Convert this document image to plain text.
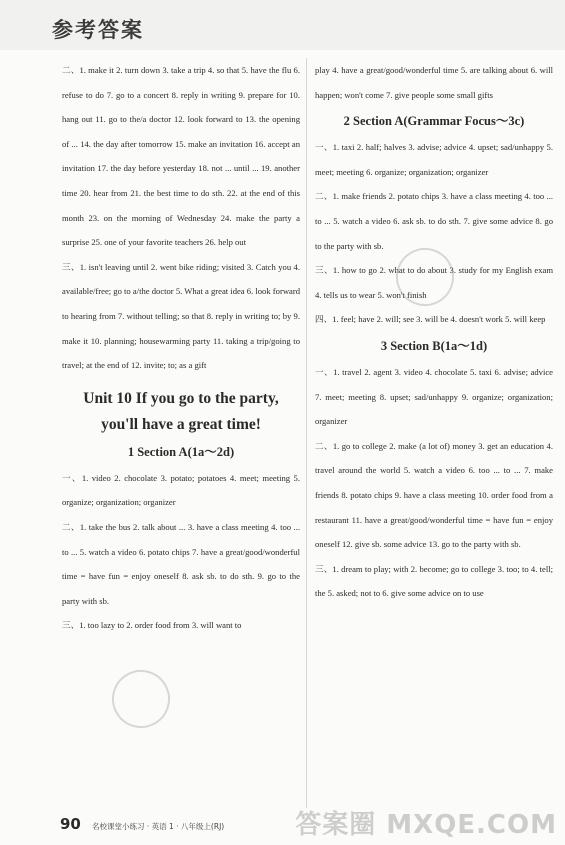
参考答案

二、1. make it 2. turn down 3. take a trip 4. so that 5. have the flu 6. refuse to do 7. go to a concert 8. reply in writing 9. prepare for 10. hang out 11. go to the/a doctor 12. look forward to 13. the opening of ... 14. the day after tomorrow 15. make an invitation 16. accept an invitation 17. the day before yesterday 18. not ... until ... 19. another time 20. hear from 21. the best time to do sth. 22. at the end of this month 23. on the morning of Wednesday 24. make the party a surprise 25. one of your favorite teachers 26. help out

三、1. isn't leaving until 2. went bike riding; visited 3. Catch you 4. available/free; go to a/the doctor 5. What a great idea 6. look forward to hearing from 7. without telling; so that 8. reply in writing to; by 9. make it 10. planning; housewarming party 11. taking a trip/going to travel; at the end of 12. invite; to; as a gift

Unit 10 If you go to the party,
you'll have a great time!
1 Section A(1a～2d)

一、1. video 2. chocolate 3. potato; potatoes 4. meet; meeting 5. organize; organization; organizer

二、1. take the bus 2. talk about ... 3. have a class meeting 4. too ... to ... 5. watch a video 6. potato chips 7. have a great/good/wonderful time = have fun = enjoy oneself 8. ask sb. to do sth. 9. go to the party with sb.

三、1. too lazy to 2. order food from 3. will want to

play 4. have a great/good/wonderful time 5. are talking about 6. will happen; won't come 7. give people some small gifts

2 Section A(Grammar Focus～3c)

一、1. taxi 2. half; halves 3. advise; advice 4. upset; sad/unhappy 5. meet; meeting 6. organize; organization; organizer

二、1. make friends 2. potato chips 3. have a class meeting 4. too ... to ... 5. watch a video 6. ask sb. to do sth. 7. give some advice 8. go to the party with sb.

三、1. how to go 2. what to do about 3. study for my English exam 4. tells us to wear 5. won't finish

四、1. feel; have 2. will; see 3. will be 4. doesn't work 5. will keep

3 Section B(1a～1d)

一、1. travel 2. agent 3. video 4. chocolate 5. taxi 6. advise; advice 7. meet; meeting 8. upset; sad/unhappy 9. organize; organization; organizer

二、1. go to college 2. make (a lot of) money 3. get an education 4. travel around the world 5. watch a video 6. too ... to ... 7. make friends 8. potato chips 9. have a class meeting 10. order food from a restaurant 11. have a great/good/wonderful time = have fun = enjoy oneself 12. give sb. some advice 13. go to the party with sb.

三、1. dream to play; with 2. become; go to college 3. too; to 4. tell; the 5. asked; not to 6. give some advice on to use

90 名校课堂小练习 · 英语 1 · 八年级上(RJ)	答案圈 MXQE.COM
